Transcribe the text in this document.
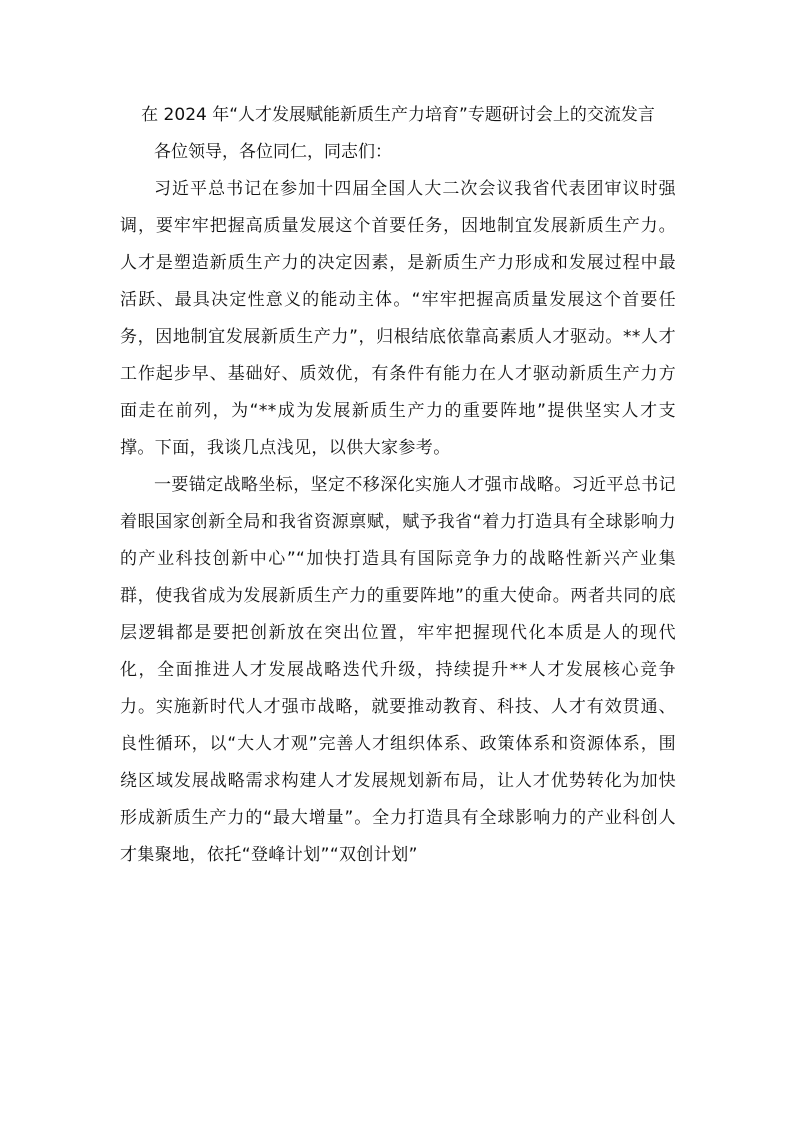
在 2024 年“人才发展赋能新质生产力培育”专题研讨会上的交流发言

各位领导，各位同仁，同志们：

习近平总书记在参加十四届全国人大二次会议我省代表团审议时强调，要牢牢把握高质量发展这个首要任务，因地制宜发展新质生产力。人才是塑造新质生产力的决定因素，是新质生产力形成和发展过程中最活跃、最具决定性意义的能动主体。“牢牢把握高质量发展这个首要任务，因地制宜发展新质生产力”，归根结底依靠高素质人才驱动。**人才工作起步早、基础好、质效优，有条件有能力在人才驱动新质生产力方面走在前列，为“**成为发展新质生产力的重要阵地”提供坚实人才支撑。下面，我谈几点浅见，以供大家参考。

一要锚定战略坐标，坚定不移深化实施人才强市战略。习近平总书记着眼国家创新全局和我省资源禀赋，赋予我省“着力打造具有全球影响力的产业科技创新中心”“加快打造具有国际竞争力的战略性新兴产业集群，使我省成为发展新质生产力的重要阵地”的重大使命。两者共同的底层逻辑都是要把创新放在突出位置，牢牢把握现代化本质是人的现代化，全面推进人才发展战略迭代升级，持续提升**人才发展核心竞争力。实施新时代人才强市战略，就要推动教育、科技、人才有效贯通、良性循环，以“大人才观”完善人才组织体系、政策体系和资源体系，围绕区域发展战略需求构建人才发展规划新布局，让人才优势转化为加快形成新质生产力的“最大增量”。全力打造具有全球影响力的产业科创人才集聚地，依托“登峰计划”“双创计划”
